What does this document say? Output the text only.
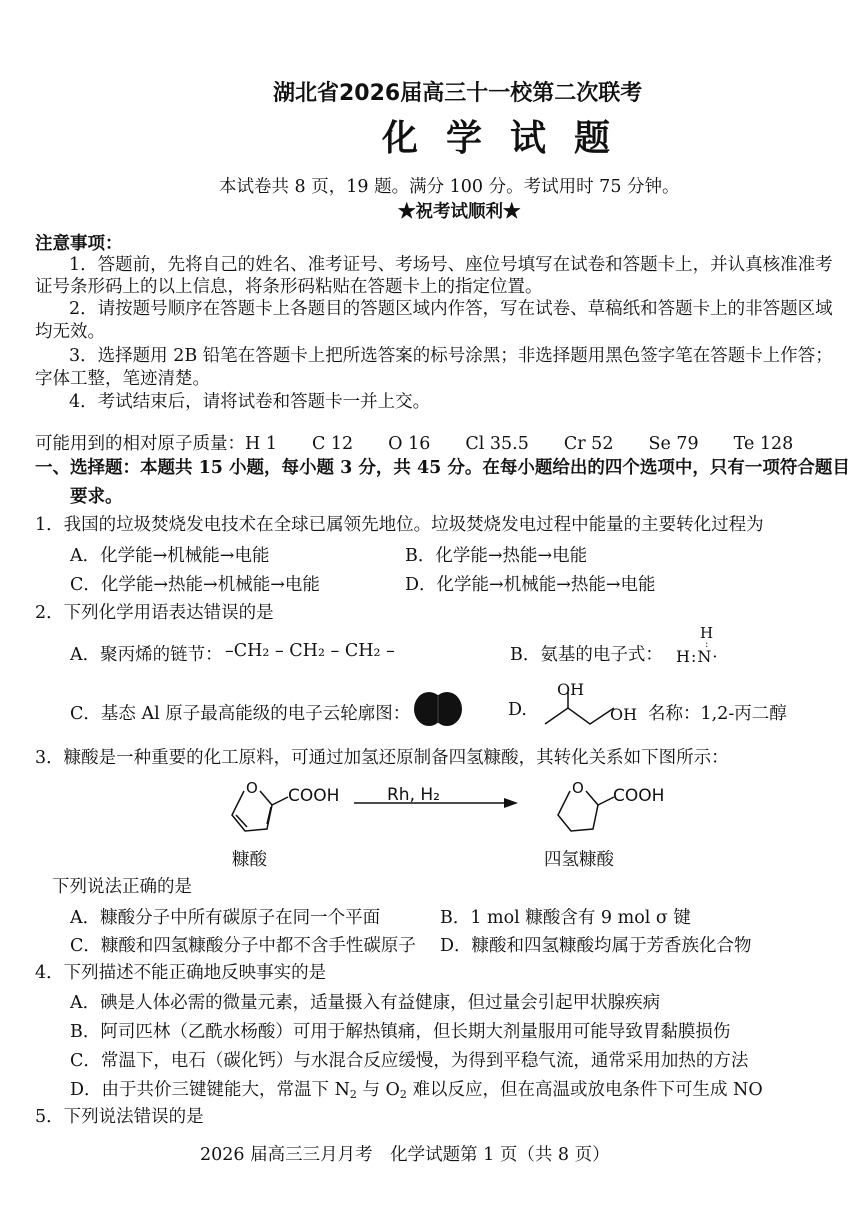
湖北省2026届高三十一校第二次联考
化学试题
本试卷共 8 页，19 题。满分 100 分。考试用时 75 分钟。
★祝考试顺利★
注意事项：
1．答题前，先将自己的姓名、准考证号、考场号、座位号填写在试卷和答题卡上，并认真核准准考
证号条形码上的以上信息，将条形码粘贴在答题卡上的指定位置。
2．请按题号顺序在答题卡上各题目的答题区域内作答，写在试卷、草稿纸和答题卡上的非答题区域
均无效。
3．选择题用 2B 铅笔在答题卡上把所选答案的标号涂黑；非选择题用黑色签字笔在答题卡上作答；
字体工整，笔迹清楚。
4．考试结束后，请将试卷和答题卡一并上交。
可能用到的相对原子质量：H 1　　C 12　　O 16　　Cl 35.5　　Cr 52　　Se 79　　Te 128
一、选择题：本题共 15 小题，每小题 3 分，共 45 分。在每小题给出的四个选项中，只有一项符合题目
要求。
1．我国的垃圾焚烧发电技术在全球已属领先地位。垃圾焚烧发电过程中能量的主要转化过程为
A．化学能→机械能→电能	B．化学能→热能→电能
C．化学能→热能→机械能→电能	D．化学能→机械能→热能→电能
2．下列化学用语表达错误的是
A．聚丙烯的链节： –CH₂ – CH₂ – CH₂ –	B．氨基的电子式：
H
H:N·
:
C．基态 Al 原子最高能级的电子云轮廓图：	D.
OH
OH 名称：1,2-丙二醇
3．糠酸是一种重要的化工原料，可通过加氢还原制备四氢糠酸，其转化关系如下图所示：
O COOH	Rh, H₂	O COOH
糠酸	四氢糠酸
下列说法正确的是
A．糠酸分子中所有碳原子在同一个平面	B．1 mol 糠酸含有 9 mol σ 键
C．糠酸和四氢糠酸分子中都不含手性碳原子 D．糠酸和四氢糠酸均属于芳香族化合物
4．下列描述不能正确地反映事实的是
A．碘是人体必需的微量元素，适量摄入有益健康，但过量会引起甲状腺疾病
B．阿司匹林（乙酰水杨酸）可用于解热镇痛，但长期大剂量服用可能导致胃黏膜损伤
C．常温下，电石（碳化钙）与水混合反应缓慢，为得到平稳气流，通常采用加热的方法
D．由于共价三键键能大，常温下 $N_2$ 与 $O_2$ 难以反应，但在高温或放电条件下可生成 NO
5．下列说法错误的是
2026 届高三三月月考　化学试题第 1 页（共 8 页）
